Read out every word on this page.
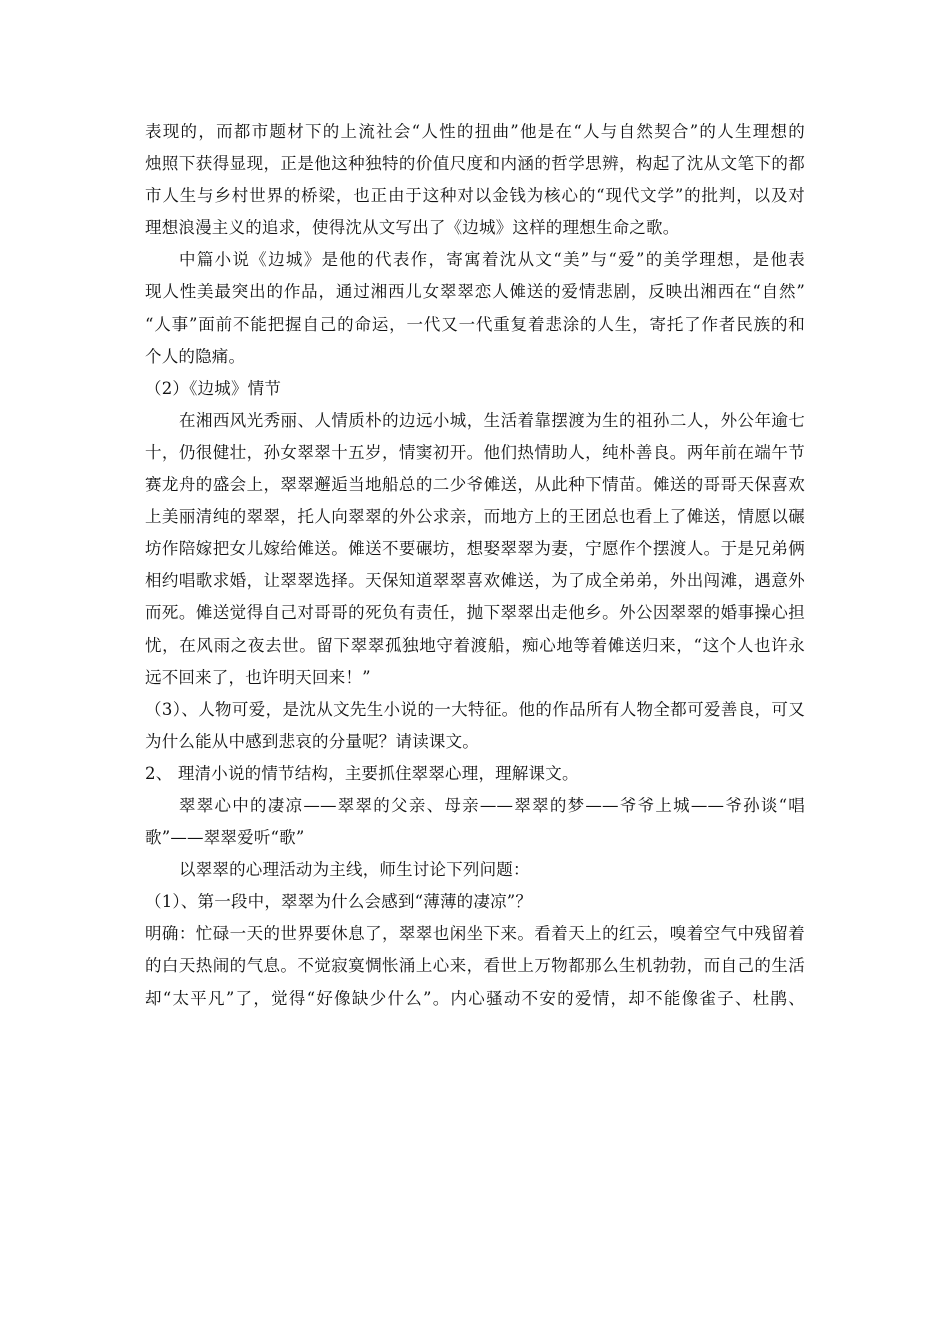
表现的，而都市题材下的上流社会“人性的扭曲”他是在“人与自然契合”的人生理想的
烛照下获得显现，正是他这种独特的价值尺度和内涵的哲学思辨，构起了沈从文笔下的都
市人生与乡村世界的桥梁，也正由于这种对以金钱为核心的“现代文学”的批判，以及对
理想浪漫主义的追求，使得沈从文写出了《边城》这样的理想生命之歌。
中篇小说《边城》是他的代表作，寄寓着沈从文“美”与“爱”的美学理想，是他表
现人性美最突出的作品，通过湘西儿女翠翠恋人傩送的爱情悲剧，反映出湘西在“自然”
“人事”面前不能把握自己的命运，一代又一代重复着悲涂的人生，寄托了作者民族的和
个人的隐痛。
（2）《边城》情节
在湘西风光秀丽、人情质朴的边远小城，生活着靠摆渡为生的祖孙二人，外公年逾七
十，仍很健壮，孙女翠翠十五岁，情窦初开。他们热情助人，纯朴善良。两年前在端午节
赛龙舟的盛会上，翠翠邂逅当地船总的二少爷傩送，从此种下情苗。傩送的哥哥天保喜欢
上美丽清纯的翠翠，托人向翠翠的外公求亲，而地方上的王团总也看上了傩送，情愿以碾
坊作陪嫁把女儿嫁给傩送。傩送不要碾坊，想娶翠翠为妻，宁愿作个摆渡人。于是兄弟俩
相约唱歌求婚，让翠翠选择。天保知道翠翠喜欢傩送，为了成全弟弟，外出闯滩，遇意外
而死。傩送觉得自己对哥哥的死负有责任，抛下翠翠出走他乡。外公因翠翠的婚事操心担
忧，在风雨之夜去世。留下翠翠孤独地守着渡船，痴心地等着傩送归来，“这个人也许永
远不回来了，也许明天回来！”
（3）、人物可爱，是沈从文先生小说的一大特征。他的作品所有人物全都可爱善良，可又
为什么能从中感到悲哀的分量呢？请读课文。
2、 理清小说的情节结构，主要抓住翠翠心理，理解课文。
翠翠心中的凄凉——翠翠的父亲、母亲——翠翠的梦——爷爷上城——爷孙谈“唱
歌”——翠翠爱听“歌”
以翠翠的心理活动为主线，师生讨论下列问题：
（1）、第一段中，翠翠为什么会感到“薄薄的凄凉”？
明确：忙碌一天的世界要休息了，翠翠也闲坐下来。看着天上的红云，嗅着空气中残留着
的白天热闹的气息。不觉寂寞惆怅涌上心来，看世上万物都那么生机勃勃，而自己的生活
却“太平凡”了，觉得“好像缺少什么”。内心骚动不安的爱情，却不能像雀子、杜鹃、
